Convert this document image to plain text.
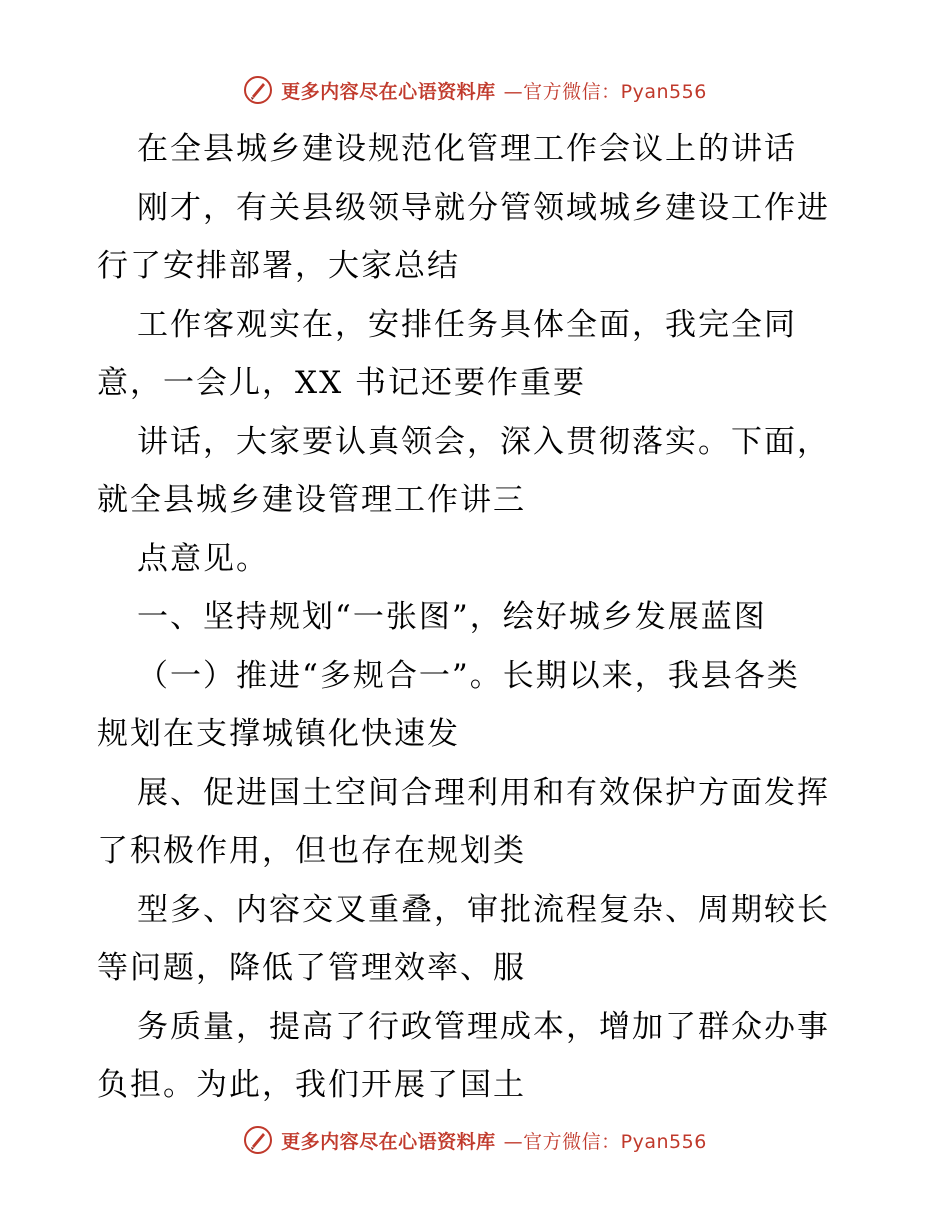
更多内容尽在心语资料库 —官方微信：Pyan556
在全县城乡建设规范化管理工作会议上的讲话
刚才，有关县级领导就分管领域城乡建设工作进
行了安排部署，大家总结
工作客观实在，安排任务具体全面，我完全同
意，一会儿，XX 书记还要作重要
讲话，大家要认真领会，深入贯彻落实。下面，
就全县城乡建设管理工作讲三
点意见。
一、坚持规划“一张图”，绘好城乡发展蓝图
（一）推进“多规合一”。长期以来，我县各类
规划在支撑城镇化快速发
展、促进国土空间合理利用和有效保护方面发挥
了积极作用，但也存在规划类
型多、内容交叉重叠，审批流程复杂、周期较长
等问题，降低了管理效率、服
务质量，提高了行政管理成本，增加了群众办事
负担。为此，我们开展了国土
更多内容尽在心语资料库 —官方微信：Pyan556
